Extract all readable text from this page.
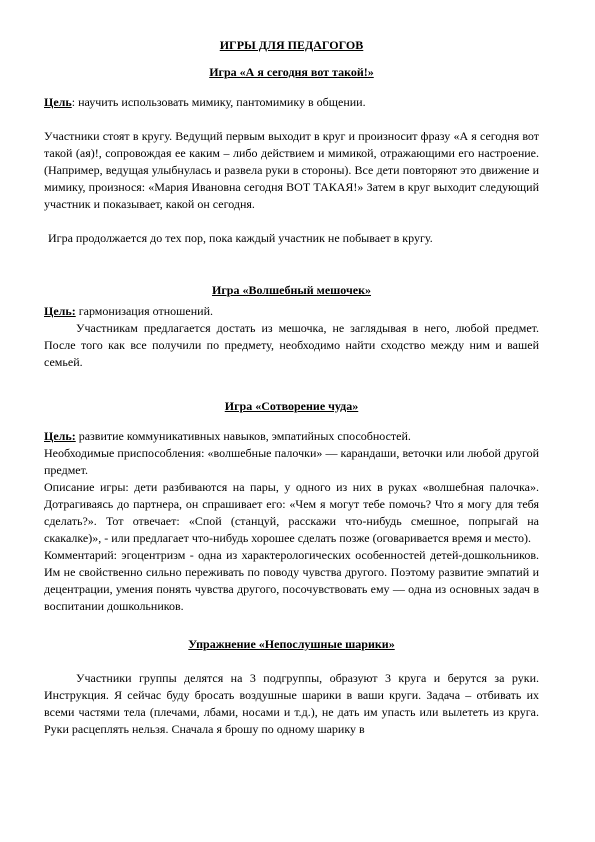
ИГРЫ ДЛЯ ПЕДАГОГОВ
Игра «А я сегодня вот такой!»

Цель: научить использовать мимику, пантомимику в общении.

Участники стоят в кругу. Ведущий первым выходит в круг и произносит фразу «А я сегодня вот такой (ая)!, сопровождая ее каким – либо действием и мимикой, отражающими его настроение. (Например, ведущая улыбнулась и развела руки в стороны). Все дети повторяют это движение и мимику, произнося: «Мария Ивановна сегодня ВОТ ТАКАЯ!» Затем в круг выходит следующий участник и показывает, какой он сегодня.

Игра продолжается до тех пор, пока каждый участник не побывает в кругу.

Игра «Волшебный мешочек»

Цель: гармонизация отношений.

Участникам предлагается достать из мешочка, не заглядывая в него, любой предмет. После того как все получили по предмету, необходимо найти сходство между ним и вашей семьей.

Игра «Сотворение чуда»

Цель: развитие коммуникативных навыков, эмпатийных способностей.

Необходимые приспособления: «волшебные палочки» — карандаши, веточки или любой другой предмет.

Описание игры: дети разбиваются на пары, у одного из них в руках «волшебная палочка». Дотрагиваясь до партнера, он спрашивает его: «Чем я могут тебе помочь? Что я могу для тебя сделать?». Тот отвечает: «Спой (станцуй, расскажи что-нибудь смешное, попрыгай на скакалке)», - или предлагает что-нибудь хорошее сделать позже (оговаривается время и место).

Комментарий: эгоцентризм - одна из характерологических особенностей детей-дошкольников. Им не свойственно сильно переживать по поводу чувства другого. Поэтому развитие эмпатий и децентрации, умения понять чувства другого, посочувствовать ему — одна из основных задач в воспитании дошкольников.

Упражнение «Непослушные шарики»

Участники группы делятся на 3 подгруппы, образуют 3 круга и берутся за руки. Инструкция. Я сейчас буду бросать воздушные шарики в ваши круги. Задача – отбивать их всеми частями тела (плечами, лбами, носами и т.д.), не дать им упасть или вылететь из круга. Руки расцеплять нельзя. Сначала я брошу по одному шарику в
